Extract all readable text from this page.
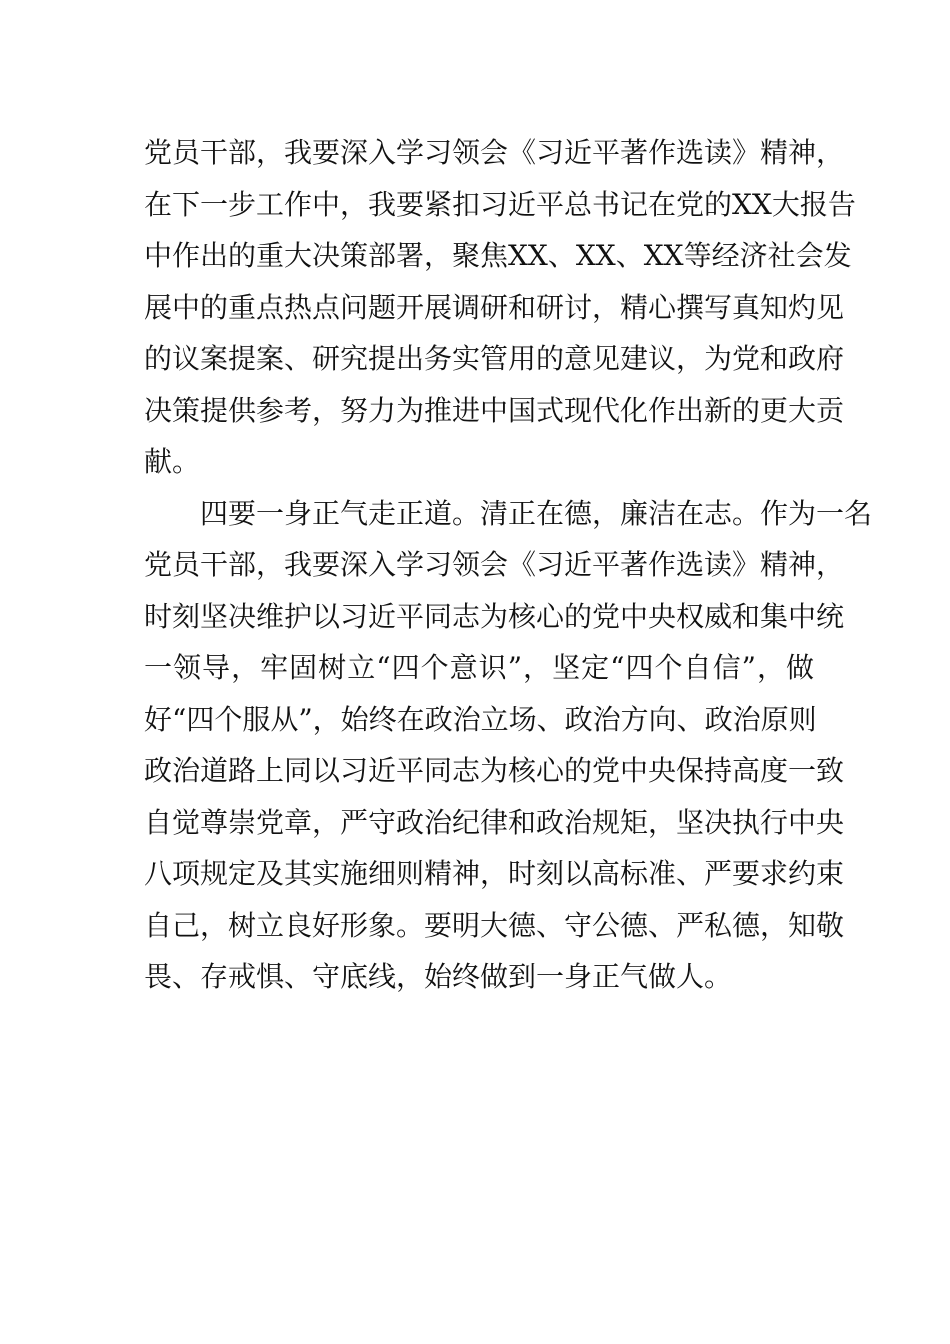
党员干部，我要深入学习领会《习近平著作选读》精神，
在下一步工作中，我要紧扣习近平总书记在党的XX大报告
中作出的重大决策部署，聚焦XX、XX、XX等经济社会发
展中的重点热点问题开展调研和研讨，精心撰写真知灼见
的议案提案、研究提出务实管用的意见建议，为党和政府
决策提供参考，努力为推进中国式现代化作出新的更大贡
献。
　　四要一身正气走正道。清正在德，廉洁在志。作为一名
党员干部，我要深入学习领会《习近平著作选读》精神，
时刻坚决维护以习近平同志为核心的党中央权威和集中统
一领导，牢固树立“四个意识”，坚定“四个自信”，做
好“四个服从”，始终在政治立场、政治方向、政治原则
政治道路上同以习近平同志为核心的党中央保持高度一致
自觉尊崇党章，严守政治纪律和政治规矩，坚决执行中央
八项规定及其实施细则精神，时刻以高标准、严要求约束
自己，树立良好形象。要明大德、守公德、严私德，知敬
畏、存戒惧、守底线，始终做到一身正气做人。
